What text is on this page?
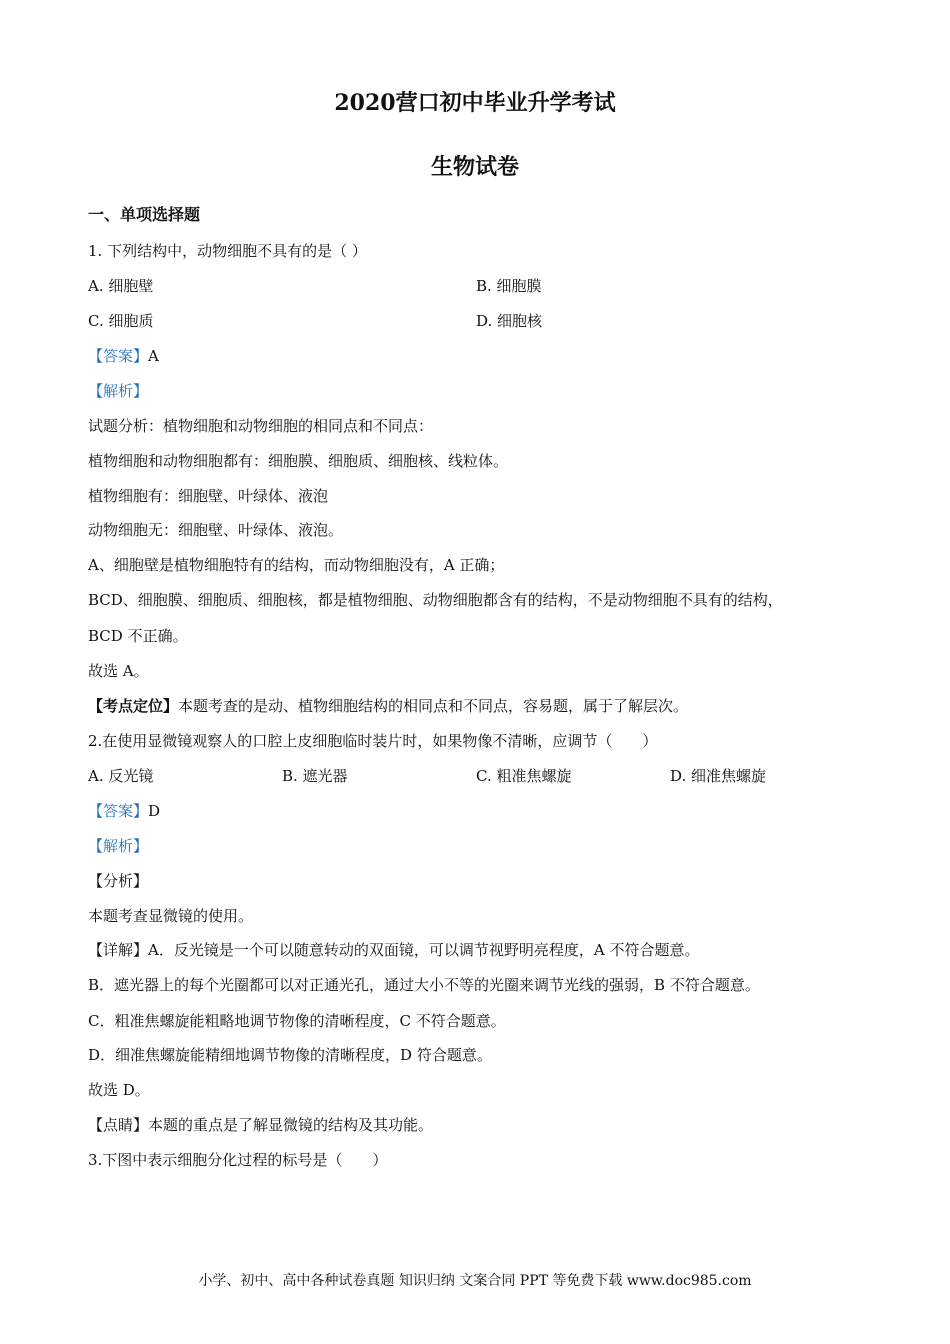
2020营口初中毕业升学考试
生物试卷
一、单项选择题
1. 下列结构中，动物细胞不具有的是（ ）
A. 细胞壁	B. 细胞膜
C. 细胞质	D. 细胞核
【答案】A
【解析】
试题分析：植物细胞和动物细胞的相同点和不同点：
植物细胞和动物细胞都有：细胞膜、细胞质、细胞核、线粒体。
植物细胞有：细胞壁、叶绿体、液泡
动物细胞无：细胞壁、叶绿体、液泡。
A、细胞壁是植物细胞特有的结构，而动物细胞没有，A 正确；
BCD、细胞膜、细胞质、细胞核，都是植物细胞、动物细胞都含有的结构，不是动物细胞不具有的结构，
BCD 不正确。
故选 A。
【考点定位】本题考查的是动、植物细胞结构的相同点和不同点，容易题，属于了解层次。
2.在使用显微镜观察人的口腔上皮细胞临时装片时，如果物像不清晰，应调节（　　）
A. 反光镜	B. 遮光器	C. 粗准焦螺旋	D. 细准焦螺旋
【答案】D
【解析】
【分析】
本题考查显微镜的使用。
【详解】A．反光镜是一个可以随意转动的双面镜，可以调节视野明亮程度，A 不符合题意。
B．遮光器上的每个光圈都可以对正通光孔，通过大小不等的光圈来调节光线的强弱，B 不符合题意。
C．粗准焦螺旋能粗略地调节物像的清晰程度，C 不符合题意。
D．细准焦螺旋能精细地调节物像的清晰程度，D 符合题意。
故选 D。
【点睛】本题的重点是了解显微镜的结构及其功能。
3.下图中表示细胞分化过程的标号是（　　）
小学、初中、高中各种试卷真题 知识归纳 文案合同 PPT 等免费下载 www.doc985.com
